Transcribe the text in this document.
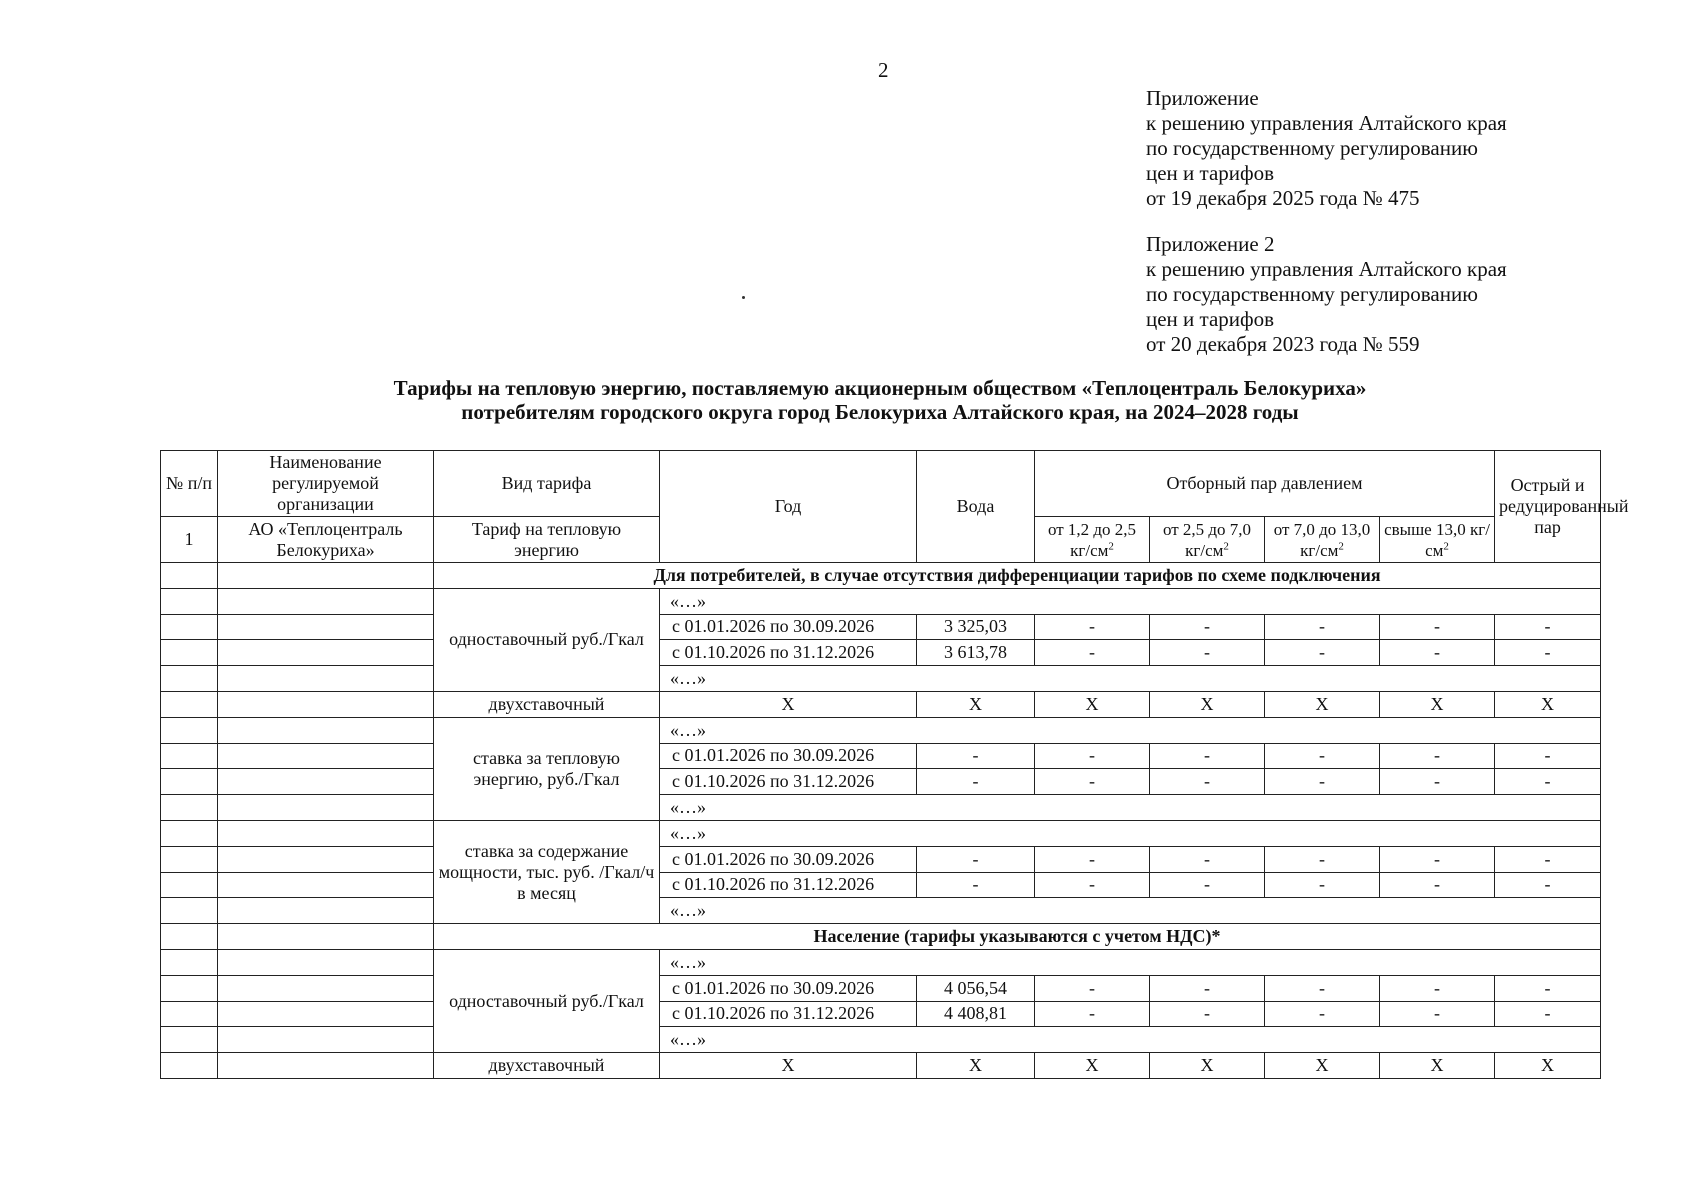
2
Приложение
к решению управления Алтайского края
по государственному регулированию
цен и тарифов
от 19 декабря 2025 года № 475
Приложение 2
к решению управления Алтайского края
по государственному регулированию
цен и тарифов
от 20 декабря 2023 года № 559
Тарифы на тепловую энергию, поставляемую акционерным обществом «Теплоцентраль Белокуриха»
потребителям городского округа город Белокуриха Алтайского края, на 2024–2028 годы
№ п/п	Наименование регулируемой организации	Вид тарифа	Год	Вода	Отборный пар давлением				Острый и редуцированный пар
1	АО «Теплоцентраль Белокуриха»	Тариф на тепловую энергию			от 1,2 до 2,5 $кг/см^2$	от 2,5 до 7,0 $кг/см^2$	от 7,0 до 13,0 $кг/см^2$	свыше 13,0 $кг/см^2$
		Для потребителей, в случае отсутствия дифференциации тарифов по схеме подключения							
		одноставочный руб./Гкал	«…»						
			с 01.01.2026 по 30.09.2026	3 325,03	-	-	-	-	-
			с 01.10.2026 по 31.12.2026	3 613,78	-	-	-	-	-
			«…»						
		двухставочный	X	X	X	X	X	X	X
		ставка за тепловую энергию, руб./Гкал	«…»						
			с 01.01.2026 по 30.09.2026	-	-	-	-	-	-
			с 01.10.2026 по 31.12.2026	-	-	-	-	-	-
			«…»						
		ставка за содержание мощности, тыс. руб. /Гкал/ч в месяц	«…»						
			с 01.01.2026 по 30.09.2026	-	-	-	-	-	-
			с 01.10.2026 по 31.12.2026	-	-	-	-	-	-
			«…»						
		Население (тарифы указываются с учетом НДС)*							
		одноставочный руб./Гкал	«…»						
			с 01.01.2026 по 30.09.2026	4 056,54	-	-	-	-	-
			с 01.10.2026 по 31.12.2026	4 408,81	-	-	-	-	-
			«…»						
		двухставочный	X	X	X	X	X	X	X
